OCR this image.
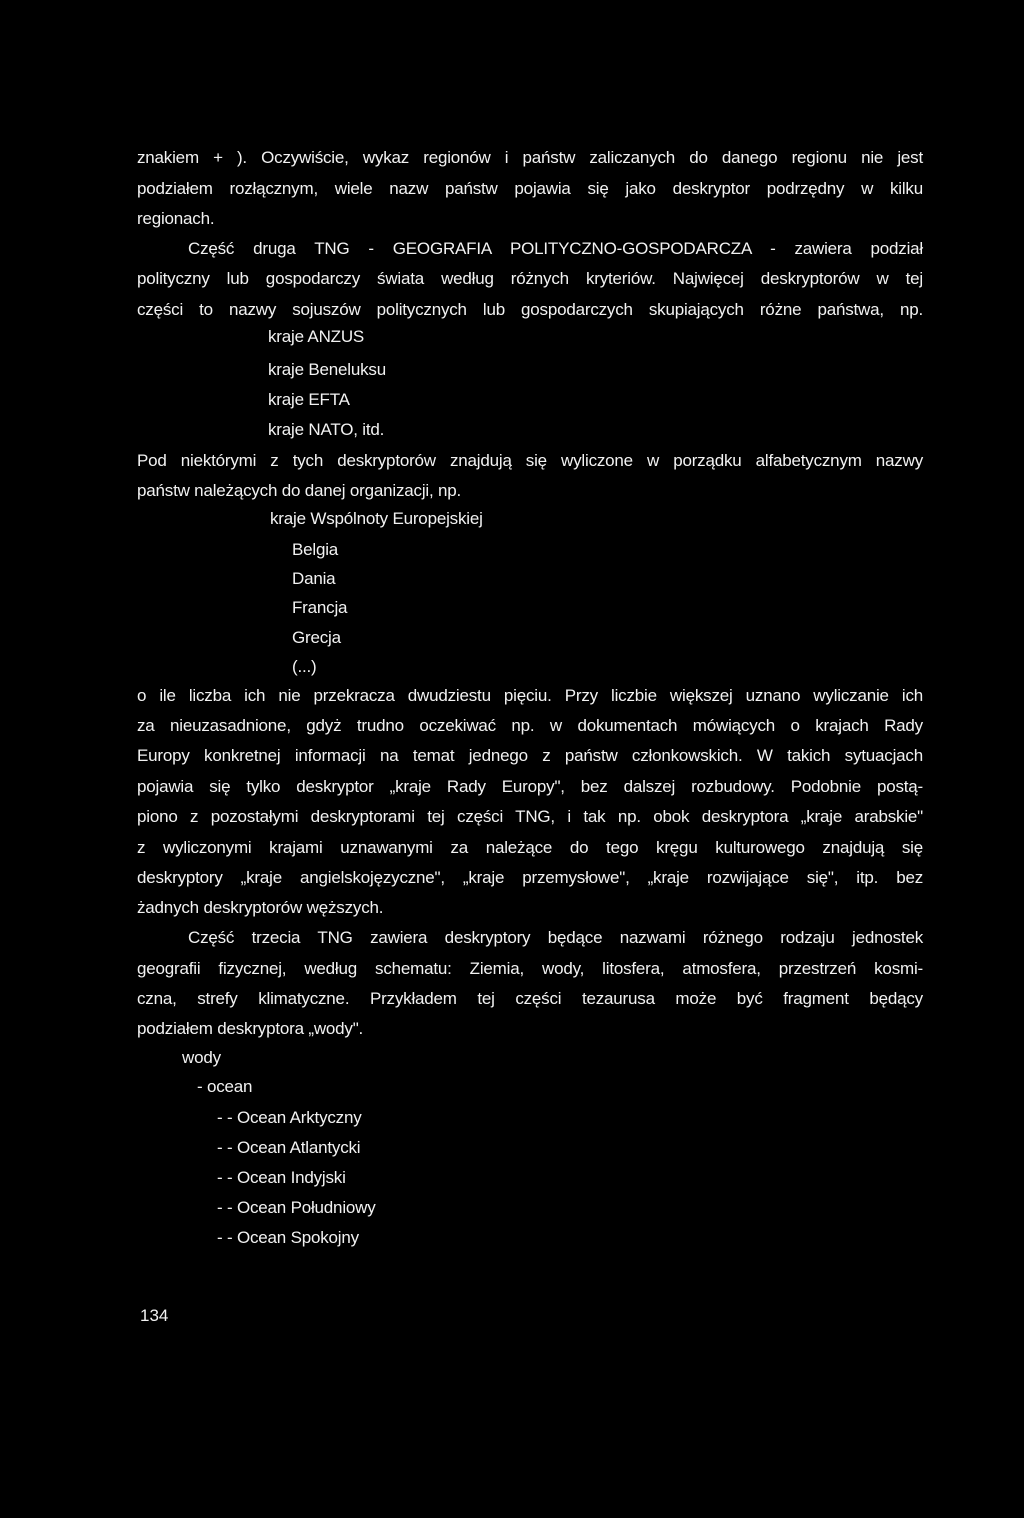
znakiem + ). Oczywiście, wykaz regionów i państw zaliczanych do danego regionu nie jest
podziałem rozłącznym, wiele nazw państw pojawia się jako deskryptor podrzędny w kilku
regionach.
Część druga TNG - GEOGRAFIA POLITYCZNO-GOSPODARCZA - zawiera podział
polityczny lub gospodarczy świata według różnych kryteriów. Najwięcej deskryptorów w tej
części to nazwy sojuszów politycznych lub gospodarczych skupiających różne państwa, np.
kraje ANZUS
kraje Beneluksu
kraje EFTA
kraje NATO, itd.
Pod niektórymi z tych deskryptorów znajdują się wyliczone w porządku alfabetycznym nazwy
państw należących do danej organizacji, np.
kraje Wspólnoty Europejskiej
Belgia
Dania
Francja
Grecja
(...)
o ile liczba ich nie przekracza dwudziestu pięciu. Przy liczbie większej uznano wyliczanie ich
za nieuzasadnione, gdyż trudno oczekiwać np. w dokumentach mówiących o krajach Rady
Europy konkretnej informacji na temat jednego z państw członkowskich. W takich sytuacjach
pojawia się tylko deskryptor „kraje Rady Europy", bez dalszej rozbudowy. Podobnie postą-
piono z pozostałymi deskryptorami tej części TNG, i tak np. obok deskryptora „kraje arabskie"
z wyliczonymi krajami uznawanymi za należące do tego kręgu kulturowego znajdują się
deskryptory „kraje angielskojęzyczne", „kraje przemysłowe", „kraje rozwijające się", itp. bez
żadnych deskryptorów węższych.
Część trzecia TNG zawiera deskryptory będące nazwami różnego rodzaju jednostek
geografii fizycznej, według schematu: Ziemia, wody, litosfera, atmosfera, przestrzeń kosmi-
czna, strefy klimatyczne. Przykładem tej części tezaurusa może być fragment będący
podziałem deskryptora „wody".
wody
- ocean
- - Ocean Arktyczny
- - Ocean Atlantycki
- - Ocean Indyjski
- - Ocean Południowy
- - Ocean Spokojny
134
